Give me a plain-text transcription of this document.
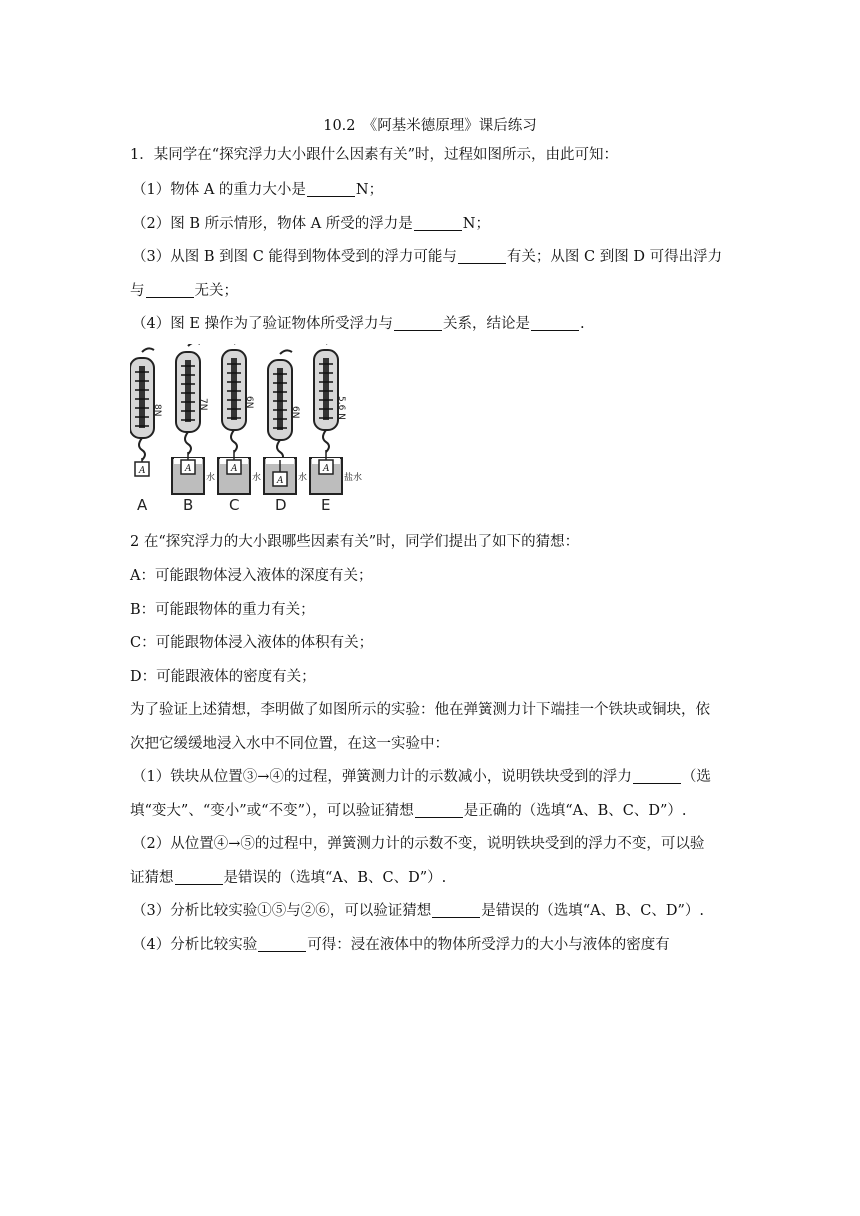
10.2　《阿基米德原理》课后练习
1．某同学在“探究浮力大小跟什么因素有关”时，过程如图所示，由此可知：
（1）物体 A 的重力大小是	N；
（2）图 B 所示情形，物体 A 所受的浮力是	N；
（3）从图 B 到图 C 能得到物体受到的浮力可能与	有关；从图 C 到图 D 可得出浮力
与	无关；
（4）图 E 操作为了验证物体所受浮力与	关系，结论是	.
8N
A
A
7N
A
水
B
6N
A
水
C
6N
A 水
D
5.6 N
A
盐水
E
2 在“探究浮力的大小跟哪些因素有关”时，同学们提出了如下的猜想：
A：可能跟物体浸入液体的深度有关；
B：可能跟物体的重力有关；
C：可能跟物体浸入液体的体积有关；
D：可能跟液体的密度有关；
为了验证上述猜想，李明做了如图所示的实验：他在弹簧测力计下端挂一个铁块或铜块，依
次把它缓缓地浸入水中不同位置，在这一实验中：
（1）铁块从位置③→④的过程，弹簧测力计的示数减小，说明铁块受到的浮力	（选
填“变大”、“变小”或“不变”），可以验证猜想	是正确的（选填“A、B、C、D”）.
（2）从位置④→⑤的过程中，弹簧测力计的示数不变，说明铁块受到的浮力不变，可以验
证猜想	是错误的（选填“A、B、C、D”）.
（3）分析比较实验①⑤与②⑥，可以验证猜想	是错误的（选填“A、B、C、D”）.
（4）分析比较实验	可得：浸在液体中的物体所受浮力的大小与液体的密度有
